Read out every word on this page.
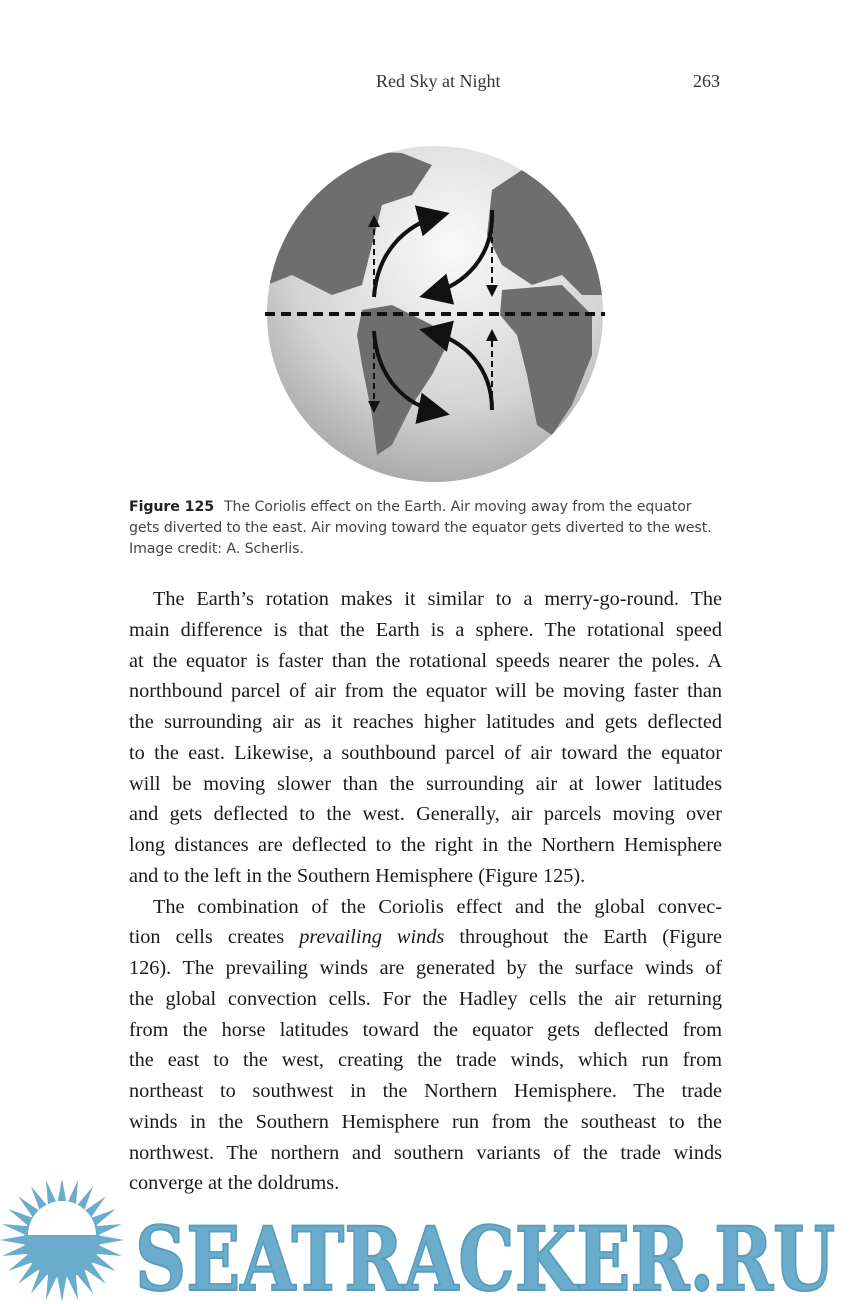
Red Sky at Night	263
Figure 125 The Coriolis effect on the Earth. Air moving away from the equator gets diverted to the east. Air moving toward the equator gets diverted to the west. Image credit: A. Scherlis.
The Earth’s rotation makes it similar to a merry-go-round. The
main difference is that the Earth is a sphere. The rotational speed
at the equator is faster than the rotational speeds nearer the poles. A
northbound parcel of air from the equator will be moving faster than
the surrounding air as it reaches higher latitudes and gets deflected
to the east. Likewise, a southbound parcel of air toward the equator
will be moving slower than the surrounding air at lower latitudes
and gets deflected to the west. Generally, air parcels moving over
long distances are deflected to the right in the Northern Hemisphere
and to the left in the Southern Hemisphere (Figure 125).
The combination of the Coriolis effect and the global convec-
tion cells creates prevailing winds throughout the Earth (Figure
126). The prevailing winds are generated by the surface winds of
the global convection cells. For the Hadley cells the air returning
from the horse latitudes toward the equator gets deflected from
the east to the west, creating the trade winds, which run from
northeast to southwest in the Northern Hemisphere. The trade
winds in the Southern Hemisphere run from the southeast to the
northwest. The northern and southern variants of the trade winds
converge at the doldrums.
SEATRACKER.RU
